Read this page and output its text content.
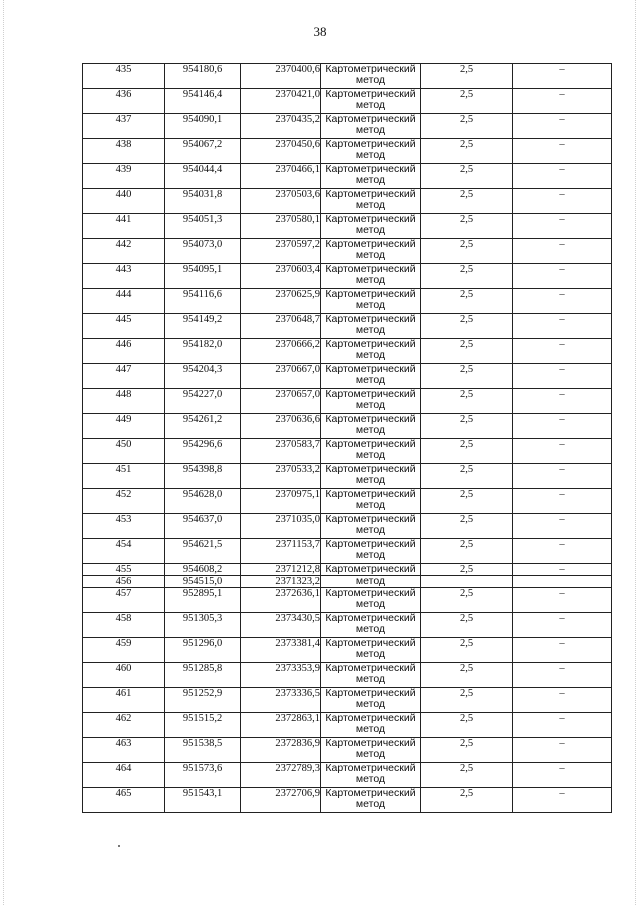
38
435	954180,6	2370400,6	Картометрический метод	2,5	–
436	954146,4	2370421,0	Картометрический метод	2,5	–
437	954090,1	2370435,2	Картометрический метод	2,5	–
438	954067,2	2370450,6	Картометрический метод	2,5	–
439	954044,4	2370466,1	Картометрический метод	2,5	–
440	954031,8	2370503,6	Картометрический метод	2,5	–
441	954051,3	2370580,1	Картометрический метод	2,5	–
442	954073,0	2370597,2	Картометрический метод	2,5	–
443	954095,1	2370603,4	Картометрический метод	2,5	–
444	954116,6	2370625,9	Картометрический метод	2,5	–
445	954149,2	2370648,7	Картометрический метод	2,5	–
446	954182,0	2370666,2	Картометрический метод	2,5	–
447	954204,3	2370667,0	Картометрический метод	2,5	–
448	954227,0	2370657,0	Картометрический метод	2,5	–
449	954261,2	2370636,6	Картометрический метод	2,5	–
450	954296,6	2370583,7	Картометрический метод	2,5	–
451	954398,8	2370533,2	Картометрический метод	2,5	–
452	954628,0	2370975,1	Картометрический метод	2,5	–
453	954637,0	2371035,0	Картометрический метод	2,5	–
454	954621,5	2371153,7	Картометрический метод	2,5	–
455	954608,2	2371212,8	Картометрический	2,5	–
456	954515,0	2371323,2	метод		
457	952895,1	2372636,1	Картометрический метод	2,5	–
458	951305,3	2373430,5	Картометрический метод	2,5	–
459	951296,0	2373381,4	Картометрический метод	2,5	–
460	951285,8	2373353,9	Картометрический метод	2,5	–
461	951252,9	2373336,5	Картометрический метод	2,5	–
462	951515,2	2372863,1	Картометрический метод	2,5	–
463	951538,5	2372836,9	Картометрический метод	2,5	–
464	951573,6	2372789,3	Картометрический метод	2,5	–
465	951543,1	2372706,9	Картометрический метод	2,5	–
